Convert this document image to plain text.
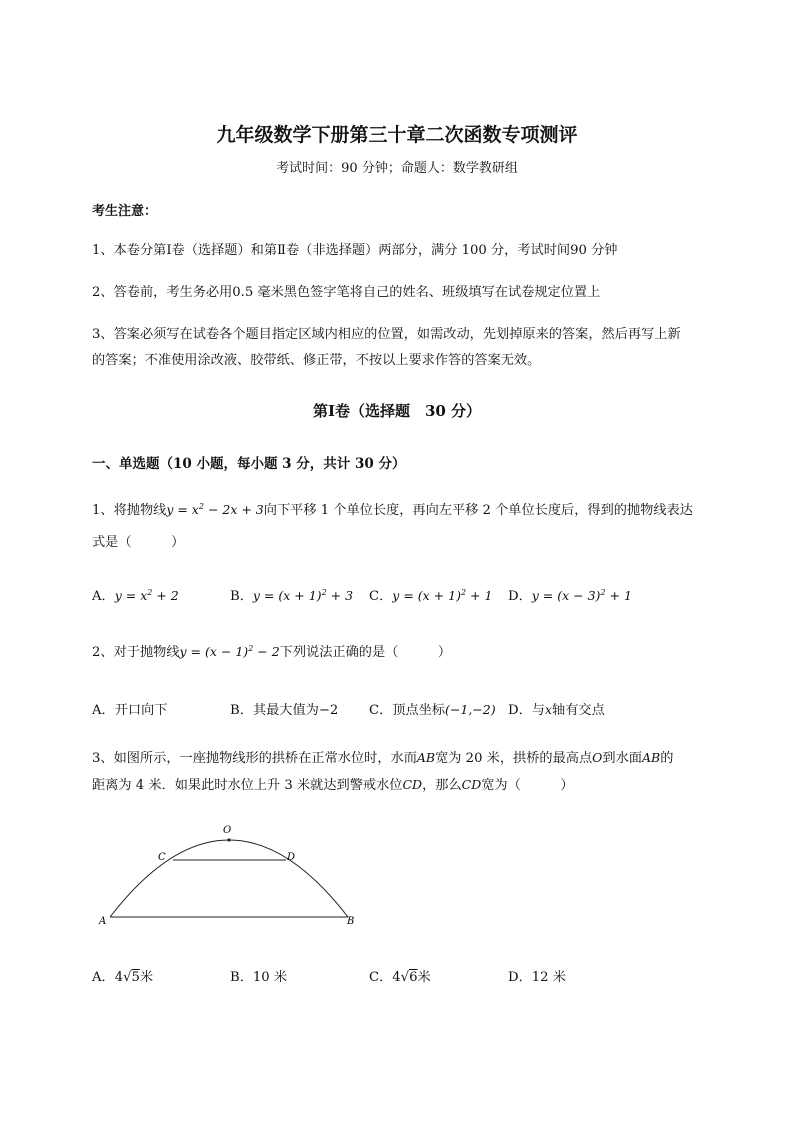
九年级数学下册第三十章二次函数专项测评
考试时间：90 分钟；命题人：数学教研组
考生注意：
1、本卷分第Ⅰ卷（选择题）和第Ⅱ卷（非选择题）两部分，满分 100 分，考试时间90 分钟
2、答卷前，考生务必用0.5 毫米黑色签字笔将自己的姓名、班级填写在试卷规定位置上
3、答案必须写在试卷各个题目指定区域内相应的位置，如需改动，先划掉原来的答案，然后再写上新
的答案；不准使用涂改液、胶带纸、修正带，不按以上要求作答的答案无效。
第Ⅰ卷（选择题　30 分）
一、单选题（10 小题，每小题 3 分，共计 30 分）
1、将抛物线$y = x^2 - 2x + 3$向下平移 1 个单位长度，再向左平移 2 个单位长度后，得到的抛物线表达
式是（　　　）
A．$y = x^2 + 2$	B．$y = (x + 1)^2 + 3$ C．$y = (x + 1)^2 + 1$ D．$y = (x - 3)^2 + 1$
2、对于抛物线$y = (x - 1)^2 - 2$下列说法正确的是（　　　）
A．开口向下	B．其最大值为−2 C．顶点坐标(−1,−2) D．与x轴有交点
3、如图所示，一座抛物线形的拱桥在正常水位时，水而AB宽为 20 米，拱桥的最高点O到水面AB的
距离为 4 米．如果此时水位上升 3 米就达到警戒水位CD，那么CD宽为（　　　）
O
C	D
A	B
A．4√5米	B．10 米	C．4√6米	D．12 米
